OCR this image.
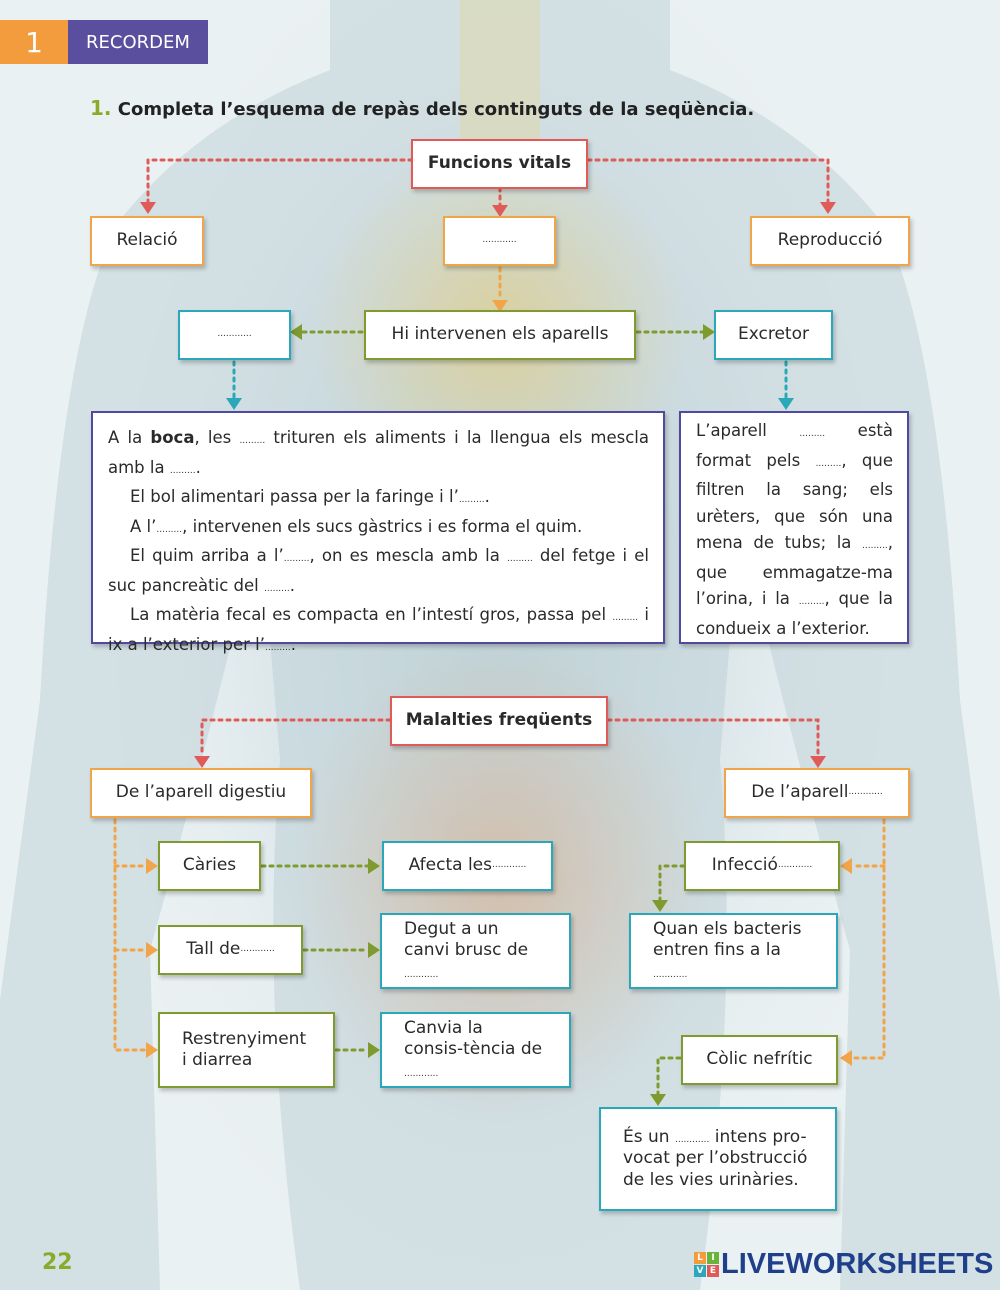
1	RECORDEM
1. Completa l’esquema de repàs dels continguts de la seqüència.
Funcions vitals
Relació	............	Reproducció
Hi intervenen els aparells
............	Excretor

A la boca, les ......... trituren els aliments i la llengua els mescla amb la ..........

El bol alimentari passa per la faringe i l’..........

A l’........., intervenen els sucs gàstrics i es forma el quim.

El quim arriba a l’........., on es mescla amb la ......... del fetge i el suc pancreàtic del ..........

La matèria fecal es compacta en l’intestí gros, passa pel ......... i ix a l’exterior per l’..........

L’aparell ......... està format pels ........., que filtren la sang; els urèters, que són una mena de tubs; la ........., que emmagatze-ma l’orina, i la ........., que la condueix a l’exterior.

Malalties freqüents
De l’aparell digestiu	De l’aparell ............
Càries	Afecta les ............
Tall de ............
Degut a un canvi brusc de ............
Restrenyiment i diarrea
Canvia la consis-tència de ............
Infecció ............
Quan els bacteris entren fins a la ............
Còlic nefrític
És un ............ intens pro-vocat per l’obstrucció de les vies urinàries.
22	L I
V E LIVEWORKSHEETS
